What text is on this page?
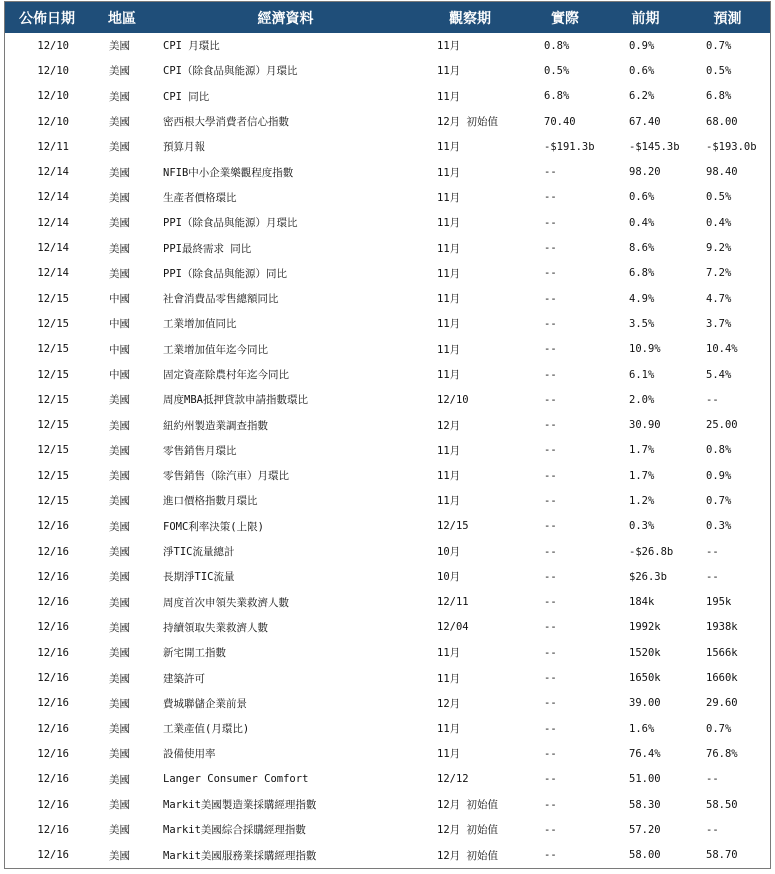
公佈日期	地區	經濟資料	觀察期	實際	前期	預測
12/10	美國	CPI 月環比	11月	0.8%	0.9%	0.7%
12/10	美國	CPI（除食品與能源）月環比	11月	0.5%	0.6%	0.5%
12/10	美國	CPI 同比	11月	6.8%	6.2%	6.8%
12/10	美國	密西根大學消費者信心指數	12月 初始值	70.40	67.40	68.00
12/11	美國	預算月報	11月	-$191.3b	-$145.3b	-$193.0b
12/14	美國	NFIB中小企業樂觀程度指數	11月	--	98.20	98.40
12/14	美國	生產者價格環比	11月	--	0.6%	0.5%
12/14	美國	PPI（除食品與能源）月環比	11月	--	0.4%	0.4%
12/14	美國	PPI最終需求 同比	11月	--	8.6%	9.2%
12/14	美國	PPI（除食品與能源）同比	11月	--	6.8%	7.2%
12/15	中國	社會消費品零售總額同比	11月	--	4.9%	4.7%
12/15	中國	工業增加值同比	11月	--	3.5%	3.7%
12/15	中國	工業增加值年迄今同比	11月	--	10.9%	10.4%
12/15	中國	固定資產除農村年迄今同比	11月	--	6.1%	5.4%
12/15	美國	周度MBA抵押貸款申請指數環比	12/10	--	2.0%	--
12/15	美國	紐約州製造業調查指數	12月	--	30.90	25.00
12/15	美國	零售銷售月環比	11月	--	1.7%	0.8%
12/15	美國	零售銷售（除汽車）月環比	11月	--	1.7%	0.9%
12/15	美國	進口價格指數月環比	11月	--	1.2%	0.7%
12/16	美國	FOMC利率決策(上限)	12/15	--	0.3%	0.3%
12/16	美國	淨TIC流量總計	10月	--	-$26.8b	--
12/16	美國	長期淨TIC流量	10月	--	$26.3b	--
12/16	美國	周度首次申領失業救濟人數	12/11	--	184k	195k
12/16	美國	持續領取失業救濟人數	12/04	--	1992k	1938k
12/16	美國	新宅開工指數	11月	--	1520k	1566k
12/16	美國	建築許可	11月	--	1650k	1660k
12/16	美國	費城聯儲企業前景	12月	--	39.00	29.60
12/16	美國	工業產值(月環比)	11月	--	1.6%	0.7%
12/16	美國	設備使用率	11月	--	76.4%	76.8%
12/16	美國	Langer Consumer Comfort	12/12	--	51.00	--
12/16	美國	Markit美國製造業採購經理指數	12月 初始值	--	58.30	58.50
12/16	美國	Markit美國綜合採購經理指數	12月 初始值	--	57.20	--
12/16	美國	Markit美國服務業採購經理指數	12月 初始值	--	58.00	58.70
